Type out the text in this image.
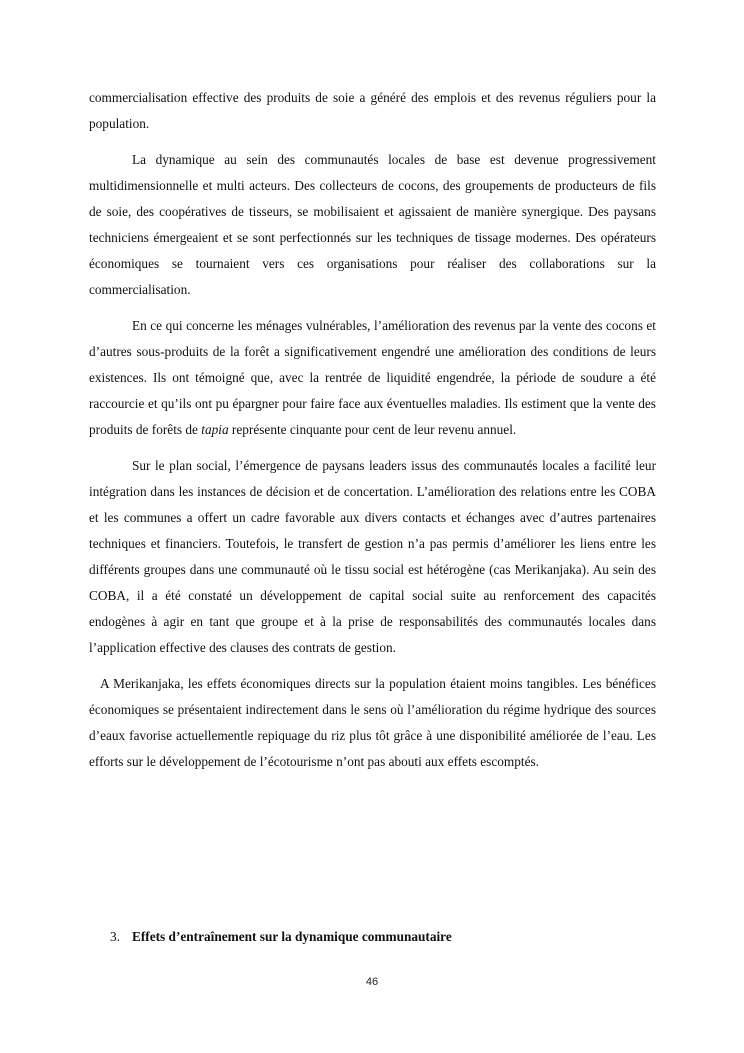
commercialisation effective des produits de soie a généré des emplois et des revenus réguliers pour la population.

La dynamique au sein des communautés locales de base est devenue progressivement multidimensionnelle et multi acteurs. Des collecteurs de cocons, des groupements de producteurs de fils de soie, des coopératives de tisseurs, se mobilisaient et agissaient de manière synergique. Des paysans techniciens émergeaient et se sont perfectionnés sur les techniques de tissage modernes. Des opérateurs économiques se tournaient vers ces organisations pour réaliser des collaborations sur la commercialisation.

En ce qui concerne les ménages vulnérables, l’amélioration des revenus par la vente des cocons et d’autres sous-produits de la forêt a significativement engendré une amélioration des conditions de leurs existences. Ils ont témoigné que, avec la rentrée de liquidité engendrée, la période de soudure a été raccourcie et qu’ils ont pu épargner pour faire face aux éventuelles maladies. Ils estiment que la vente des produits de forêts de tapia représente cinquante pour cent de leur revenu annuel.

Sur le plan social, l’émergence de paysans leaders issus des communautés locales a facilité leur intégration dans les instances de décision et de concertation. L’amélioration des relations entre les COBA et les communes a offert un cadre favorable aux divers contacts et échanges avec d’autres partenaires techniques et financiers. Toutefois, le transfert de gestion n’a pas permis d’améliorer les liens entre les différents groupes dans une communauté où le tissu social est hétérogène (cas Merikanjaka). Au sein des COBA, il a été constaté un développement de capital social suite au renforcement des capacités endogènes à agir en tant que groupe et à la prise de responsabilités des communautés locales dans l’application effective des clauses des contrats de gestion.

A Merikanjaka, les effets économiques directs sur la population étaient moins tangibles. Les bénéfices économiques se présentaient indirectement dans le sens où l’amélioration du régime hydrique des sources d’eaux favorise actuellementle repiquage du riz plus tôt grâce à une disponibilité améliorée de l’eau. Les efforts sur le développement de l’écotourisme n’ont pas abouti aux effets escomptés.

3. Effets d’entraînement sur la dynamique communautaire

46
